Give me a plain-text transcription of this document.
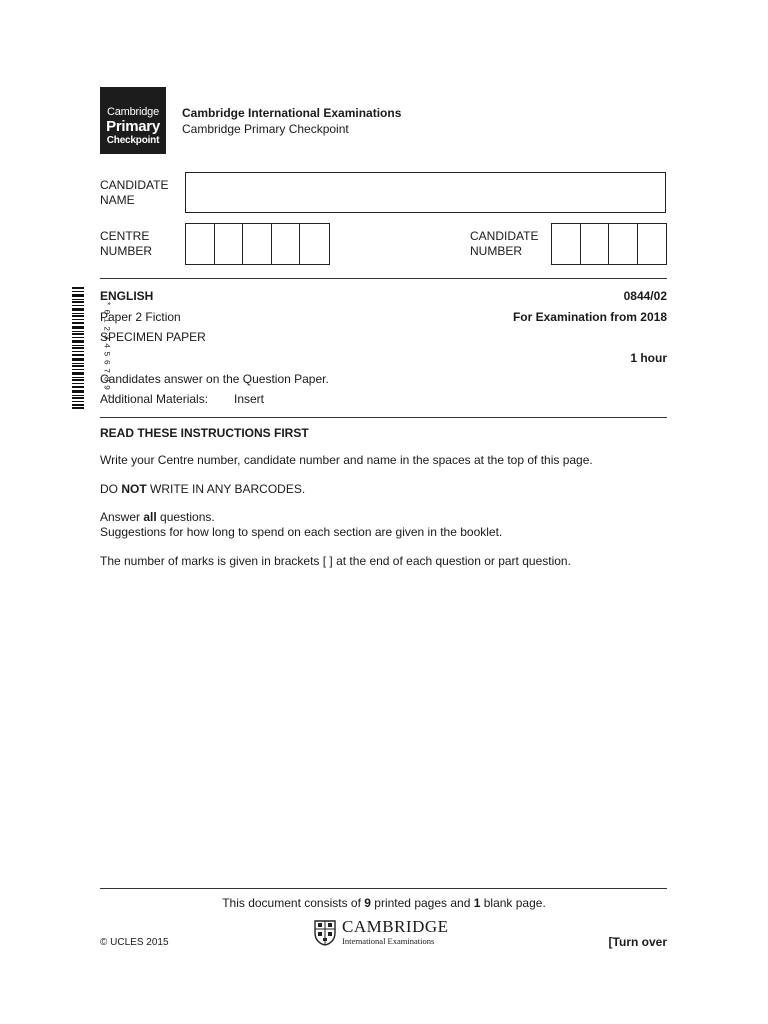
Cambridge
Primary
Checkpoint
Cambridge International Examinations
Cambridge Primary Checkpoint
CANDIDATE
NAME
CENTRE
NUMBER
CANDIDATE
NUMBER
*0123456789*
ENGLISH	0844/02
Paper 2 Fiction	For Examination from 2018
SPECIMEN PAPER
1 hour
Candidates answer on the Question Paper.
Additional Materials: Insert
READ THESE INSTRUCTIONS FIRST
Write your Centre number, candidate number and name in the spaces at the top of this page.
DO NOT WRITE IN ANY BARCODES.
Answer all questions.
Suggestions for how long to spend on each section are given in the booklet.
The number of marks is given in brackets [ ] at the end of each question or part question.
This document consists of 9 printed pages and 1 blank page.
CAMBRIDGE
International Examinations
© UCLES 2015	[Turn over
